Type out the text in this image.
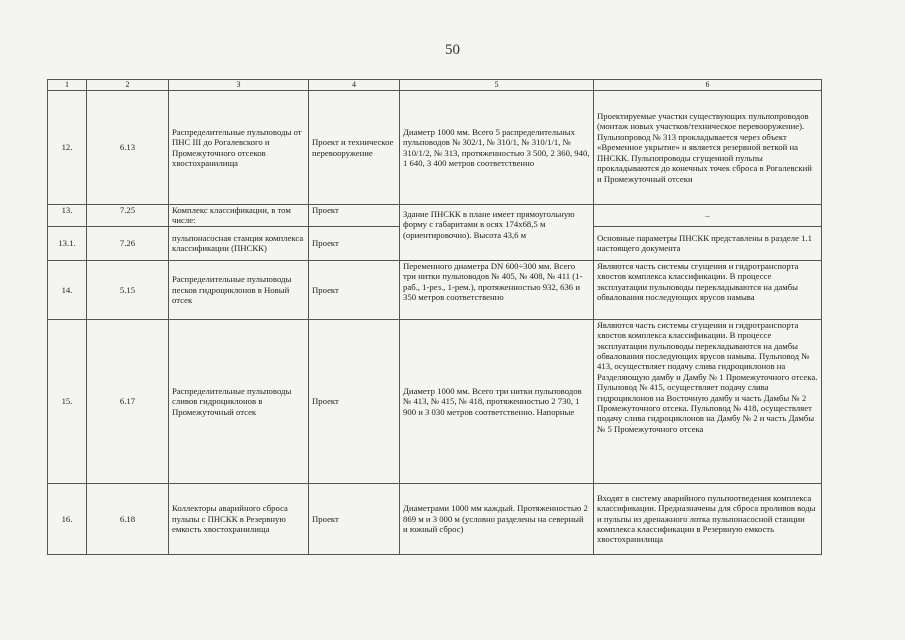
50
1	2	3	4	5	6
12.	6.13	Распределительные пульповоды от ПНС III до Рогалевского и Промежуточного отсеков хвостохранилища	Проект и техническое перевооружение	Диаметр 1000 мм. Всего 5 распределительных пульповодов № 302/1, № 310/1, № 310/1/1, № 310/1/2, № 313, протяженностью 3 500, 2 360, 940, 1 640, 3 400 метров соответственно	Проектируемые участки существующих пульпопроводов (монтаж новых участков/техническое перевооружение). Пульпопровод № 313 прокладывается через объект «Временное укрытие» и является резервной веткой на ПНСКК. Пульпопроводы сгущенной пульпы прокладываются до конечных точек сброса в Рогалевский и Промежуточный отсеки
13.	7.25	Комплекс классификации, в том числе:	Проект	Здание ПНСКК в плане имеет прямоугольную форму с габаритами в осях 174х68,5 м (ориентировочно). Высота 43,6 м	–
13.1.	7.26	пульпонасосная станция комплекса классификации (ПНСКК)	Проект		Основные параметры ПНСКК представлены в разделе 1.1 настоящего документа
14.	5.15	Распределительные пульповоды песков гидроциклонов в Новый отсек	Проект	Переменного диаметра DN 600÷300 мм. Всего три нитки пульповодов № 405, № 408, № 411 (1-раб., 1-рез., 1-рем.), протяженностью 932, 636 и 350 метров соответственно	Являются часть системы сгущения и гидротранспорта хвостов комплекса классификации. В процессе эксплуатации пульповоды перекладываются на дамбы обвалования последующих ярусов намыва
15.	6.17	Распределительные пульповоды сливов гидроциклонов в Промежуточный отсек	Проект	Диаметр 1000 мм. Всего три нитки пульповодов № 413, № 415, № 418, протяженностью 2 730, 1 900 и 3 030 метров соответственно. Напорные	Являются часть системы сгущения и гидротранспорта хвостов комплекса классификации. В процессе эксплуатации пульповоды перекладываются на дамбы обвалования последующих ярусов намыва. Пульповод № 413, осуществляет подачу слива гидроциклонов на Разделяющую дамбу и Дамбу № 1 Промежуточного отсека. Пульповод № 415, осуществляет подачу слива гидроциклонов на Восточную дамбу и часть Дамбы № 2 Промежуточного отсека. Пульповод № 418, осуществляет подачу слива гидроциклонов на Дамбу № 2 и часть Дамбы № 5 Промежуточного отсека
16.	6.18	Коллекторы аварийного сброса пульпы с ПНСКК в Резервную емкость хвостохранилища	Проект	Диаметрами 1000 мм каждый. Протяженностью 2 869 м и 3 000 м (условно разделены на северный и южный сброс)	Входят в систему аварийного пульпоотведения комплекса классификации. Предназначены для сброса проливов воды и пульпы из дренажного лотка пульпонасосной станции комплекса классификации в Резервную емкость хвостохранилища
